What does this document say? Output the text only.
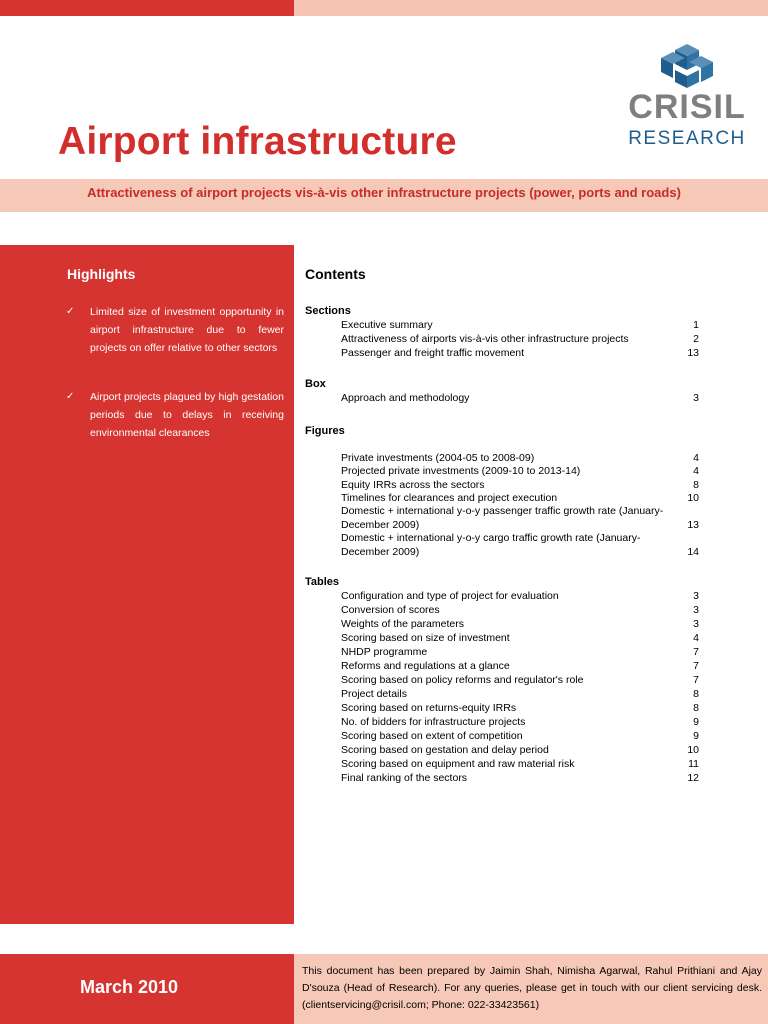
Airport infrastructure
CRISIL
RESEARCH
Attractiveness of airport projects vis-à-vis other infrastructure projects (power, ports and roads)
Highlights
✓	Limited size of investment opportunity in airport infrastructure due to fewer projects on offer relative to other sectors
✓	Airport projects plagued by high gestation periods due to delays in receiving environmental clearances
Contents
Sections
Executive summary	1
Attractiveness of airports vis-à-vis other infrastructure projects	2
Passenger and freight traffic movement	13
Box
Approach and methodology	3
Figures
Private investments (2004-05 to 2008-09)	4
Projected private investments (2009-10 to 2013-14)	4
Equity IRRs across the sectors	8
Timelines for clearances and project execution	10
Domestic + international y-o-y passenger traffic growth rate (January-December 2009)	13
Domestic + international y-o-y cargo traffic growth rate (January-December 2009)	14
Tables
Configuration and type of project for evaluation	3
Conversion of scores	3
Weights of the parameters	3
Scoring based on size of investment	4
NHDP programme	7
Reforms and regulations at a glance	7
Scoring based on policy reforms and regulator's role	7
Project details	8
Scoring based on returns-equity IRRs	8
No. of bidders for infrastructure projects	9
Scoring based on extent of competition	9
Scoring based on gestation and delay period	10
Scoring based on equipment and raw material risk	11
Final ranking of the sectors	12
March 2010
This document has been prepared by Jaimin Shah, Nimisha Agarwal, Rahul Prithiani and Ajay D'souza (Head of Research). For any queries, please get in touch with our client servicing desk. (clientservicing@crisil.com; Phone: 022-33423561)
